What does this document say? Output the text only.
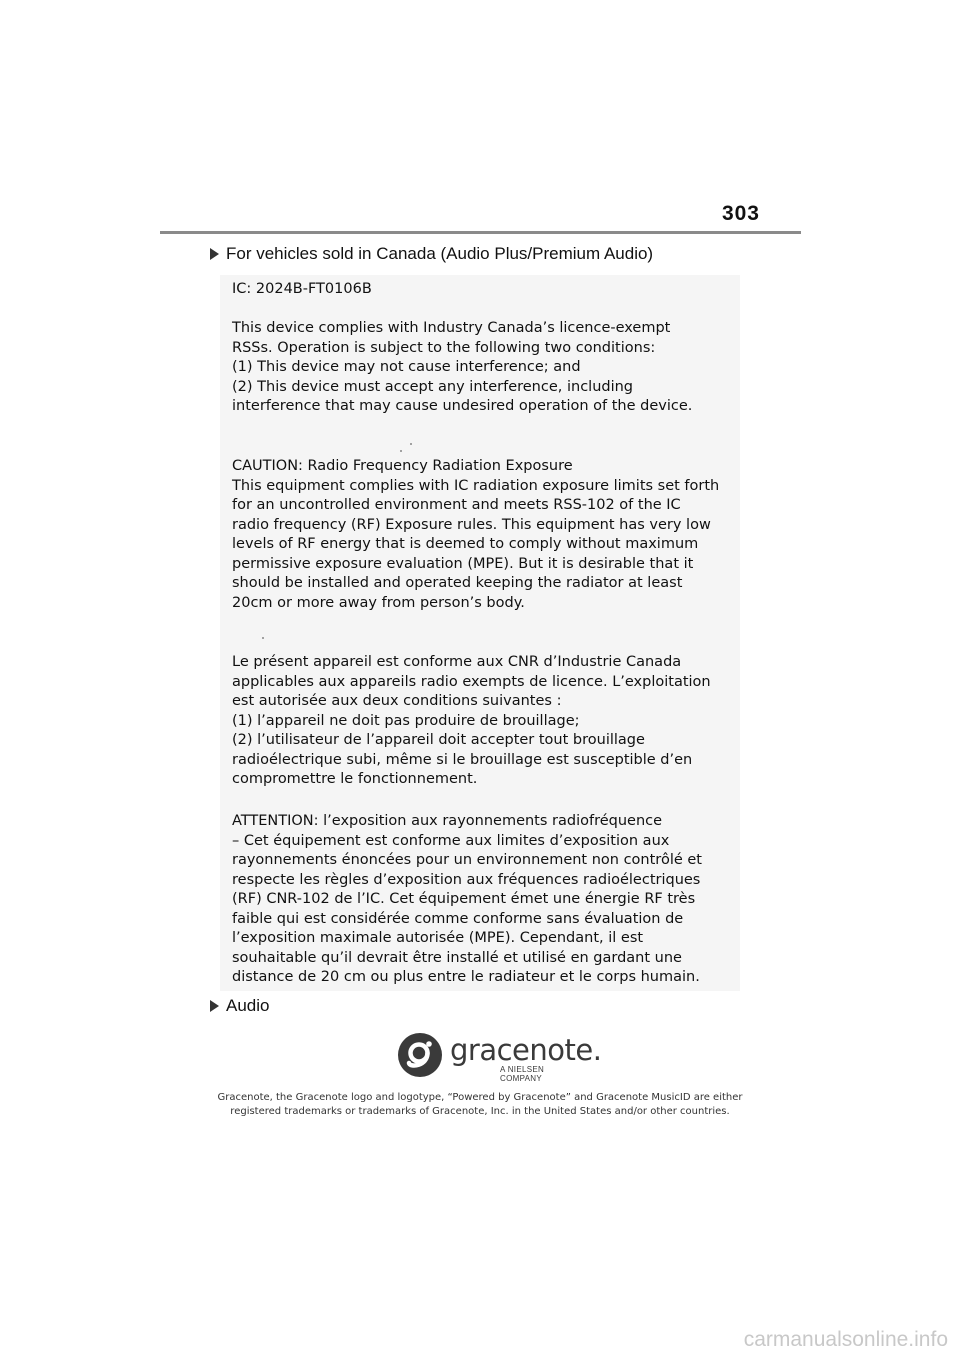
303
For vehicles sold in Canada (Audio Plus/Premium Audio)
IC: 2024B-FT0106B
This device complies with Industry Canada’s licence-exempt
RSSs. Operation is subject to the following two conditions:
(1) This device may not cause interference; and
(2) This device must accept any interference, including
interference that may cause undesired operation of the device.
CAUTION: Radio Frequency Radiation Exposure
This equipment complies with IC radiation exposure limits set forth
for an uncontrolled environment and meets RSS-102 of the IC
radio frequency (RF) Exposure rules. This equipment has very low
levels of RF energy that is deemed to comply without maximum
permissive exposure evaluation (MPE). But it is desirable that it
should be installed and operated keeping the radiator at least
20cm or more away from person’s body.
Le présent appareil est conforme aux CNR d’Industrie Canada
applicables aux appareils radio exempts de licence. L’exploitation
est autorisée aux deux conditions suivantes :
(1) l’appareil ne doit pas produire de brouillage;
(2) l’utilisateur de l’appareil doit accepter tout brouillage
radioélectrique subi, même si le brouillage est susceptible d’en
compromettre le fonctionnement.
ATTENTION: l’exposition aux rayonnements radiofréquence
– Cet équipement est conforme aux limites d’exposition aux
rayonnements énoncées pour un environnement non contrôlé et
respecte les règles d’exposition aux fréquences radioélectriques
(RF) CNR-102 de l’IC. Cet équipement émet une énergie RF très
faible qui est considérée comme conforme sans évaluation de
l’exposition maximale autorisée (MPE). Cependant, il est
souhaitable qu’il devrait être installé et utilisé en gardant une
distance de 20 cm ou plus entre le radiateur et le corps humain.
Audio
gracenote.
A NIELSEN COMPANY
Gracenote, the Gracenote logo and logotype, “Powered by Gracenote” and Gracenote MusicID are either
registered trademarks or trademarks of Gracenote, Inc. in the United States and/or other countries.
carmanualsonline.info
